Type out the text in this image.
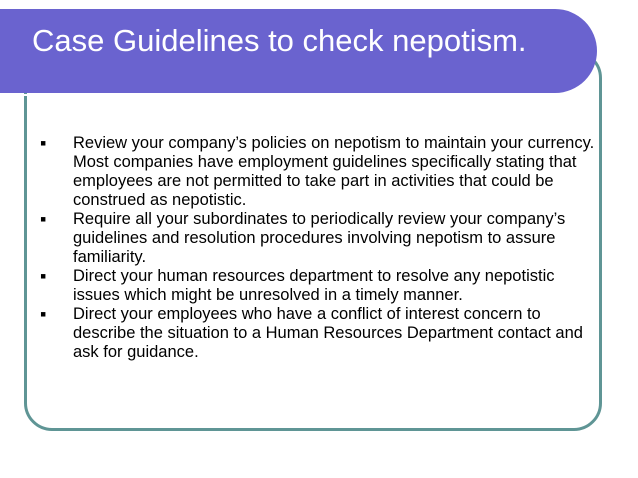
Case Guidelines to check nepotism.
▪︎ Review your company’s policies on nepotism to maintain your currency. Most companies have employment guidelines specifically stating that employees are not permitted to take part in activities that could be construed as nepotistic.
▪︎ Require all your subordinates to periodically review your company’s guidelines and resolution procedures involving nepotism to assure familiarity.
▪︎ Direct your human resources department to resolve any nepotistic issues which might be unresolved in a timely manner.
▪︎ Direct your employees who have a conflict of interest concern to describe the situation to a Human Resources Department contact and ask for guidance.
